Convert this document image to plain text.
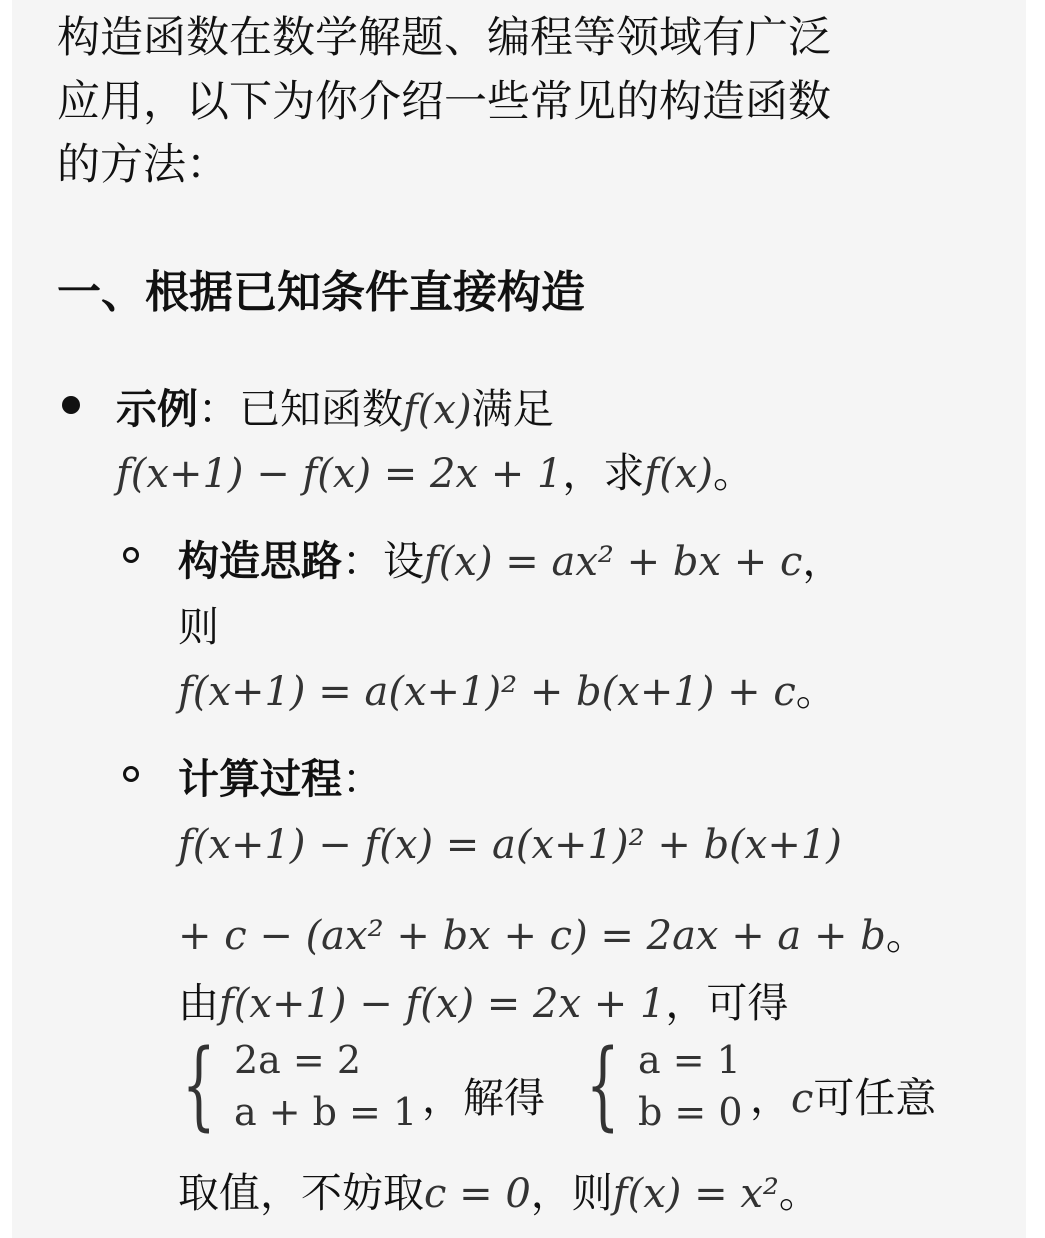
构造函数在数学解题、编程等领域有广泛
应用，以下为你介绍一些常见的构造函数
的方法：
一、根据已知条件直接构造
示例：已知函数f(x)满足
f(x+1) − f(x) = 2x + 1，求f(x)。
构造思路：设f(x) = ax² + bx + c，
则
f(x+1) = a(x+1)² + b(x+1) + c。
计算过程：
f(x+1) − f(x) = a(x+1)² + b(x+1)
+ c − (ax² + bx + c) = 2ax + a + b。
由f(x+1) − f(x) = 2x + 1，可得
{ 2a = 2
a + b = 1 ，解得 { a = 1
b = 0 ，c可任意
取值，不妨取c = 0，则f(x) = x²。
